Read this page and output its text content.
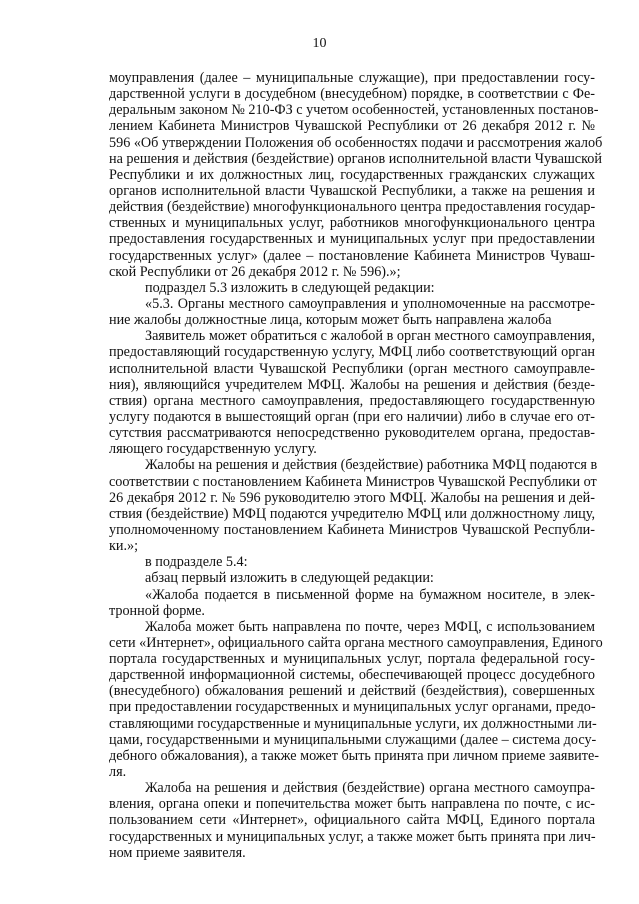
10
моуправления (далее – муниципальные служащие), при предоставлении госу-
дарственной услуги в досудебном (внесудебном) порядке, в соответствии с Фе-
деральным законом № 210-ФЗ с учетом особенностей, установленных постанов-
лением Кабинета Министров Чувашской Республики от 26 декабря 2012 г. №
596 «Об утверждении Положения об особенностях подачи и рассмотрения жалоб
на решения и действия (бездействие) органов исполнительной власти Чувашской
Республики и их должностных лиц, государственных гражданских служащих
органов исполнительной власти Чувашской Республики, а также на решения и
действия (бездействие) многофункционального центра предоставления государ-
ственных и муниципальных услуг, работников многофункционального центра
предоставления государственных и муниципальных услуг при предоставлении
государственных услуг» (далее – постановление Кабинета Министров Чуваш-
ской Республики от 26 декабря 2012 г. № 596).»;
подраздел 5.3 изложить в следующей редакции:
«5.3. Органы местного самоуправления и уполномоченные на рассмотре-
ние жалобы должностные лица, которым может быть направлена жалоба
Заявитель может обратиться с жалобой в орган местного самоуправления,
предоставляющий государственную услугу, МФЦ либо соответствующий орган
исполнительной власти Чувашской Республики (орган местного самоуправле-
ния), являющийся учредителем МФЦ. Жалобы на решения и действия (безде-
ствия) органа местного самоуправления, предоставляющего государственную
услугу подаются в вышестоящий орган (при его наличии) либо в случае его от-
сутствия рассматриваются непосредственно руководителем органа, предостав-
ляющего государственную услугу.
Жалобы на решения и действия (бездействие) работника МФЦ подаются в
соответствии с постановлением Кабинета Министров Чувашской Республики от
26 декабря 2012 г. № 596 руководителю этого МФЦ. Жалобы на решения и дей-
ствия (бездействие) МФЦ подаются учредителю МФЦ или должностному лицу,
уполномоченному постановлением Кабинета Министров Чувашской Республи-
ки.»;
в подразделе 5.4:
абзац первый изложить в следующей редакции:
«Жалоба подается в письменной форме на бумажном носителе, в элек-
тронной форме.
Жалоба может быть направлена по почте, через МФЦ, с использованием
сети «Интернет», официального сайта органа местного самоуправления, Единого
портала государственных и муниципальных услуг, портала федеральной госу-
дарственной информационной системы, обеспечивающей процесс досудебного
(внесудебного) обжалования решений и действий (бездействия), совершенных
при предоставлении государственных и муниципальных услуг органами, предо-
ставляющими государственные и муниципальные услуги, их должностными ли-
цами, государственными и муниципальными служащими (далее – система досу-
дебного обжалования), а также может быть принята при личном приеме заявите-
ля.
Жалоба на решения и действия (бездействие) органа местного самоупра-
вления, органа опеки и попечительства может быть направлена по почте, с ис-
пользованием сети «Интернет», официального сайта МФЦ, Единого портала
государственных и муниципальных услуг, а также может быть принята при лич-
ном приеме заявителя.
